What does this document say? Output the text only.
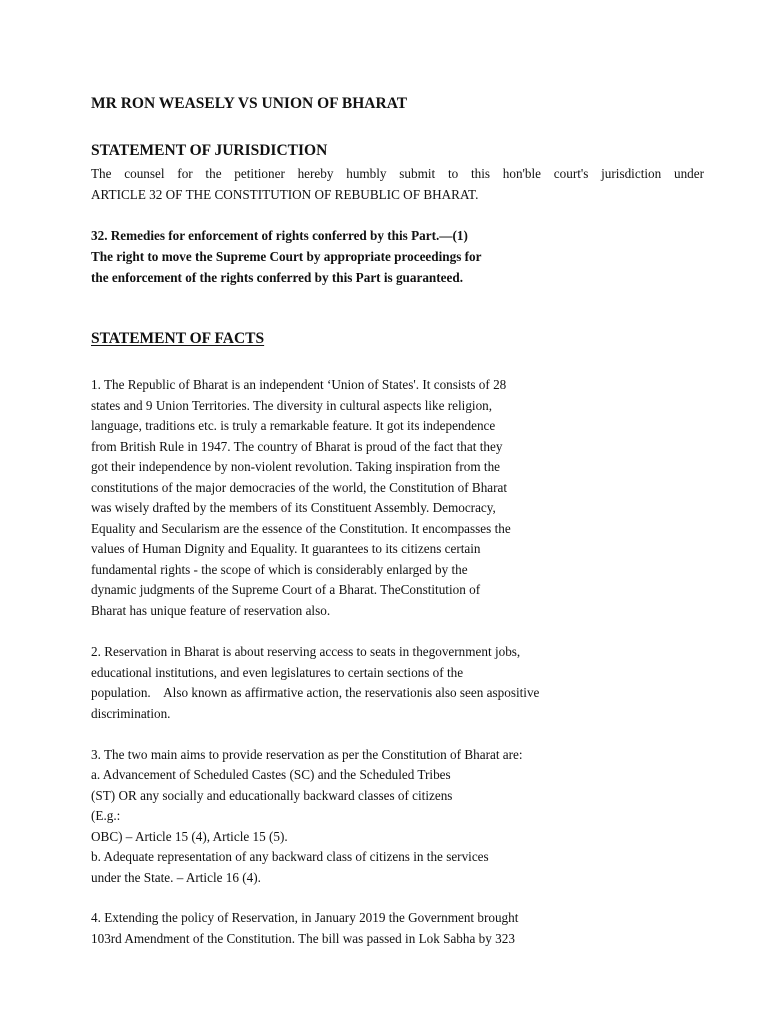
MR RON WEASELY VS UNION OF BHARAT
STATEMENT OF JURISDICTION
The counsel for the petitioner hereby humbly submit to this hon'ble court's jurisdiction under
ARTICLE 32 OF THE CONSTITUTION OF REBUBLIC OF BHARAT.
32. Remedies for enforcement of rights conferred by this Part.—(1)
The right to move the Supreme Court by appropriate proceedings for
the enforcement of the rights conferred by this Part is guaranteed.
STATEMENT OF FACTS
1. The Republic of Bharat is an independent ‘Union of States'. It consists of 28
states and 9 Union Territories. The diversity in cultural aspects like religion,
language, traditions etc. is truly a remarkable feature. It got its independence
from British Rule in 1947. The country of Bharat is proud of the fact that they
got their independence by non-violent revolution. Taking inspiration from the
constitutions of the major democracies of the world, the Constitution of Bharat
was wisely drafted by the members of its Constituent Assembly. Democracy,
Equality and Secularism are the essence of the Constitution. It encompasses the
values of Human Dignity and Equality. It guarantees to its citizens certain
fundamental rights - the scope of which is considerably enlarged by the
dynamic judgments of the Supreme Court of a Bharat. TheConstitution of
Bharat has unique feature of reservation also.
2. Reservation in Bharat is about reserving access to seats in thegovernment jobs,
educational institutions, and even legislatures to certain sections of the
population.    Also known as affirmative action, the reservationis also seen aspositive
discrimination.
3. The two main aims to provide reservation as per the Constitution of Bharat are:
a. Advancement of Scheduled Castes (SC) and the Scheduled Tribes
(ST) OR any socially and educationally backward classes of citizens
(E.g.:
OBC) – Article 15 (4), Article 15 (5).
b. Adequate representation of any backward class of citizens in the services
under the State. – Article 16 (4).
4. Extending the policy of Reservation, in January 2019 the Government brought
103rd Amendment of the Constitution. The bill was passed in Lok Sabha by 323
